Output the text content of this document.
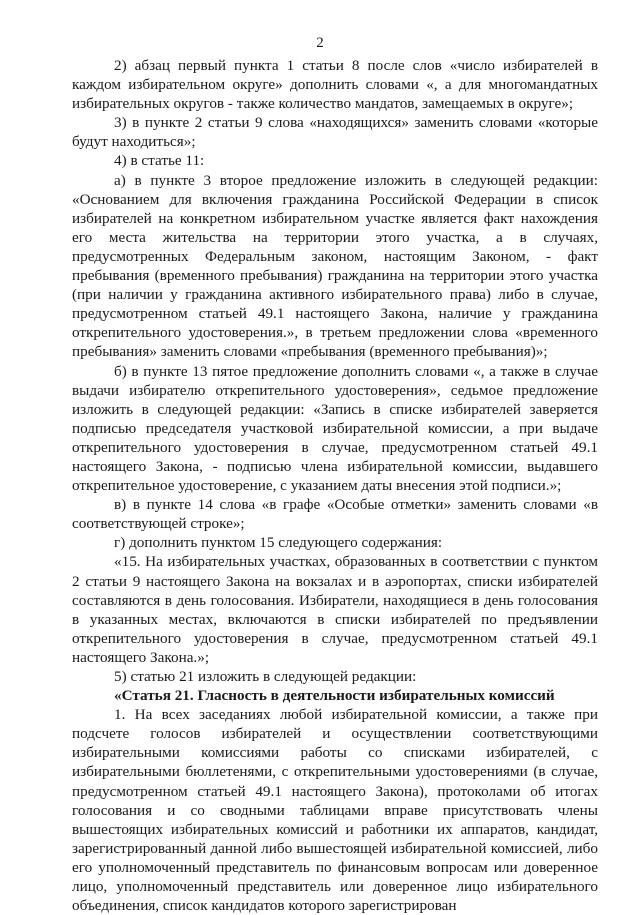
2

2) абзац первый пункта 1 статьи 8 после слов «число избирателей в каждом избирательном округе» дополнить словами «, а для многомандатных избирательных округов - также количество мандатов, замещаемых в округе»;

3) в пункте 2 статьи 9 слова «находящихся» заменить словами «которые будут находиться»;

4) в статье 11:

а) в пункте 3 второе предложение изложить в следующей редакции: «Основанием для включения гражданина Российской Федерации в список избирателей на конкретном избирательном участке является факт нахождения его места жительства на территории этого участка, а в случаях, предусмотренных Федеральным законом, настоящим Законом, - факт пребывания (временного пребывания) гражданина на территории этого участка (при наличии у гражданина активного избирательного права) либо в случае, предусмотренном статьей 49.1 настоящего Закона, наличие у гражданина открепительного удостоверения.», в третьем предложении слова «временного пребывания» заменить словами «пребывания (временного пребывания)»;

б) в пункте 13 пятое предложение дополнить словами «, а также в случае выдачи избирателю открепительного удостоверения», седьмое предложение изложить в следующей редакции: «Запись в списке избирателей заверяется подписью председателя участковой избирательной комиссии, а при выдаче открепительного удостоверения в случае, предусмотренном статьей 49.1 настоящего Закона, - подписью члена избирательной комиссии, выдавшего открепительное удостоверение, с указанием даты внесения этой подписи.»;

в) в пункте 14 слова «в графе «Особые отметки» заменить словами «в соответствующей строке»;

г) дополнить пунктом 15 следующего содержания:

«15. На избирательных участках, образованных в соответствии с пунктом 2 статьи 9 настоящего Закона на вокзалах и в аэропортах, списки избирателей составляются в день голосования. Избиратели, находящиеся в день голосования в указанных местах, включаются в списки избирателей по предъявлении открепительного удостоверения в случае, предусмотренном статьей 49.1 настоящего Закона.»;

5) статью 21 изложить в следующей редакции:

«Статья 21. Гласность в деятельности избирательных комиссий

1. На всех заседаниях любой избирательной комиссии, а также при подсчете голосов избирателей и осуществлении соответствующими избирательными комиссиями работы со списками избирателей, с избирательными бюллетенями, с открепительными удостоверениями (в случае, предусмотренном статьей 49.1 настоящего Закона), протоколами об итогах голосования и со сводными таблицами вправе присутствовать члены вышестоящих избирательных комиссий и работники их аппаратов, кандидат, зарегистрированный данной либо вышестоящей избирательной комиссией, либо его уполномоченный представитель по финансовым вопросам или доверенное лицо, уполномоченный представитель или доверенное лицо избирательного объединения, список кандидатов которого зарегистрирован
